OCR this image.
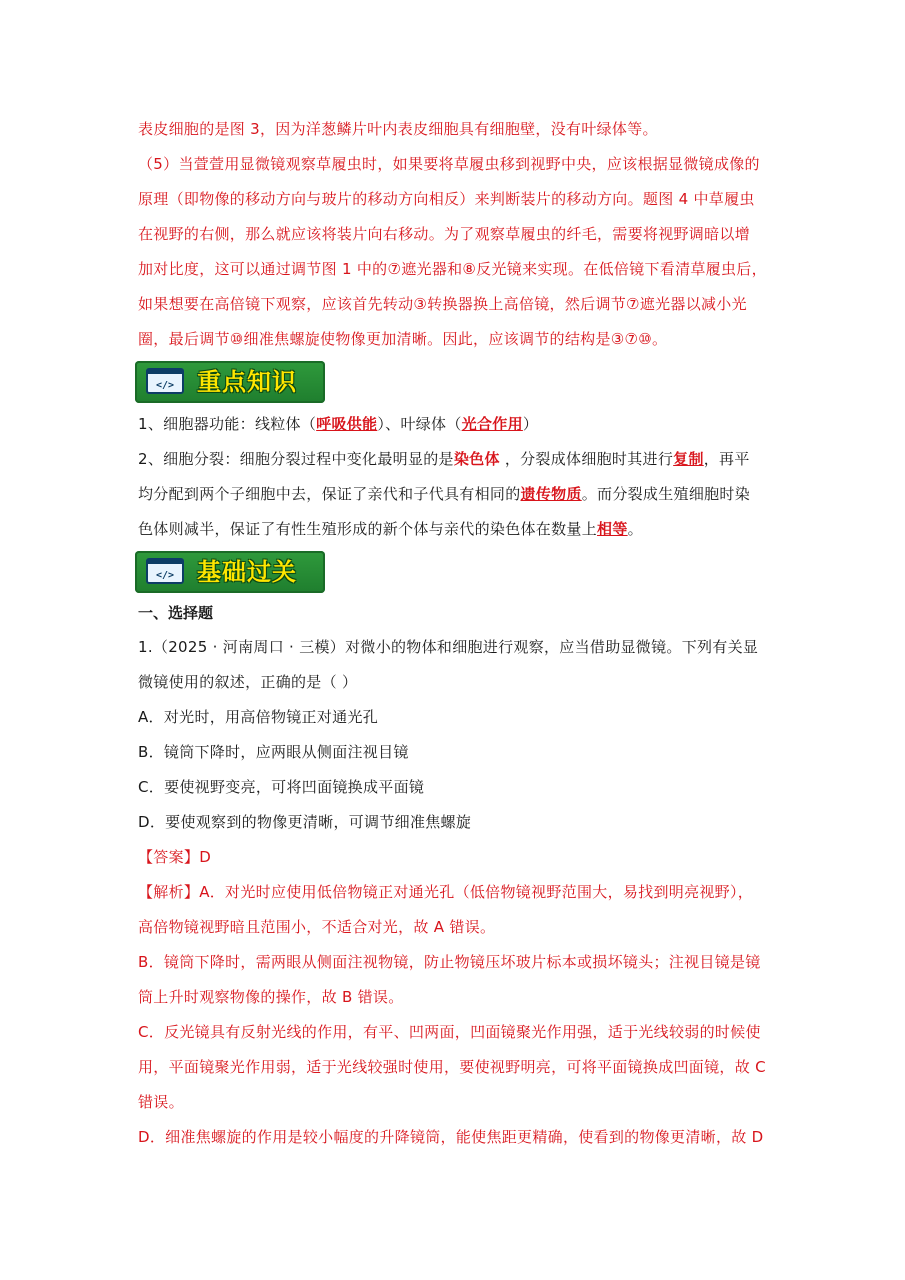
表皮细胞的是图 3，因为洋葱鳞片叶内表皮细胞具有细胞壁，没有叶绿体等。
（5）当萱萱用显微镜观察草履虫时，如果要将草履虫移到视野中央，应该根据显微镜成像的
原理（即物像的移动方向与玻片的移动方向相反）来判断装片的移动方向。题图 4 中草履虫
在视野的右侧，那么就应该将装片向右移动。为了观察草履虫的纤毛，需要将视野调暗以增
加对比度，这可以通过调节图 1 中的⑦遮光器和⑧反光镜来实现。在低倍镜下看清草履虫后，
如果想要在高倍镜下观察，应该首先转动③转换器换上高倍镜，然后调节⑦遮光器以减小光
圈，最后调节⑩细准焦螺旋使物像更加清晰。因此，应该调节的结构是③⑦⑩。
</> 重点知识
1、细胞器功能：线粒体（呼吸供能）、叶绿体（光合作用）
2、细胞分裂：细胞分裂过程中变化最明显的是染色体 ，分裂成体细胞时其进行复制，再平
均分配到两个子细胞中去，保证了亲代和子代具有相同的遗传物质。而分裂成生殖细胞时染
色体则减半，保证了有性生殖形成的新个体与亲代的染色体在数量上相等。
</> 基础过关
一、选择题
1.（2025 · 河南周口 · 三模）对微小的物体和细胞进行观察，应当借助显微镜。下列有关显
微镜使用的叙述，正确的是（ ）
A．对光时，用高倍物镜正对通光孔
B．镜筒下降时，应两眼从侧面注视目镜
C．要使视野变亮，可将凹面镜换成平面镜
D．要使观察到的物像更清晰，可调节细准焦螺旋
【答案】D
【解析】A．对光时应使用低倍物镜正对通光孔（低倍物镜视野范围大，易找到明亮视野），
高倍物镜视野暗且范围小，不适合对光，故 A 错误。
B．镜筒下降时，需两眼从侧面注视物镜，防止物镜压坏玻片标本或损坏镜头；注视目镜是镜
筒上升时观察物像的操作，故 B 错误。
C．反光镜具有反射光线的作用，有平、凹两面，凹面镜聚光作用强，适于光线较弱的时候使
用，平面镜聚光作用弱，适于光线较强时使用，要使视野明亮，可将平面镜换成凹面镜，故 C
错误。
D．细准焦螺旋的作用是较小幅度的升降镜筒，能使焦距更精确，使看到的物像更清晰，故 D
